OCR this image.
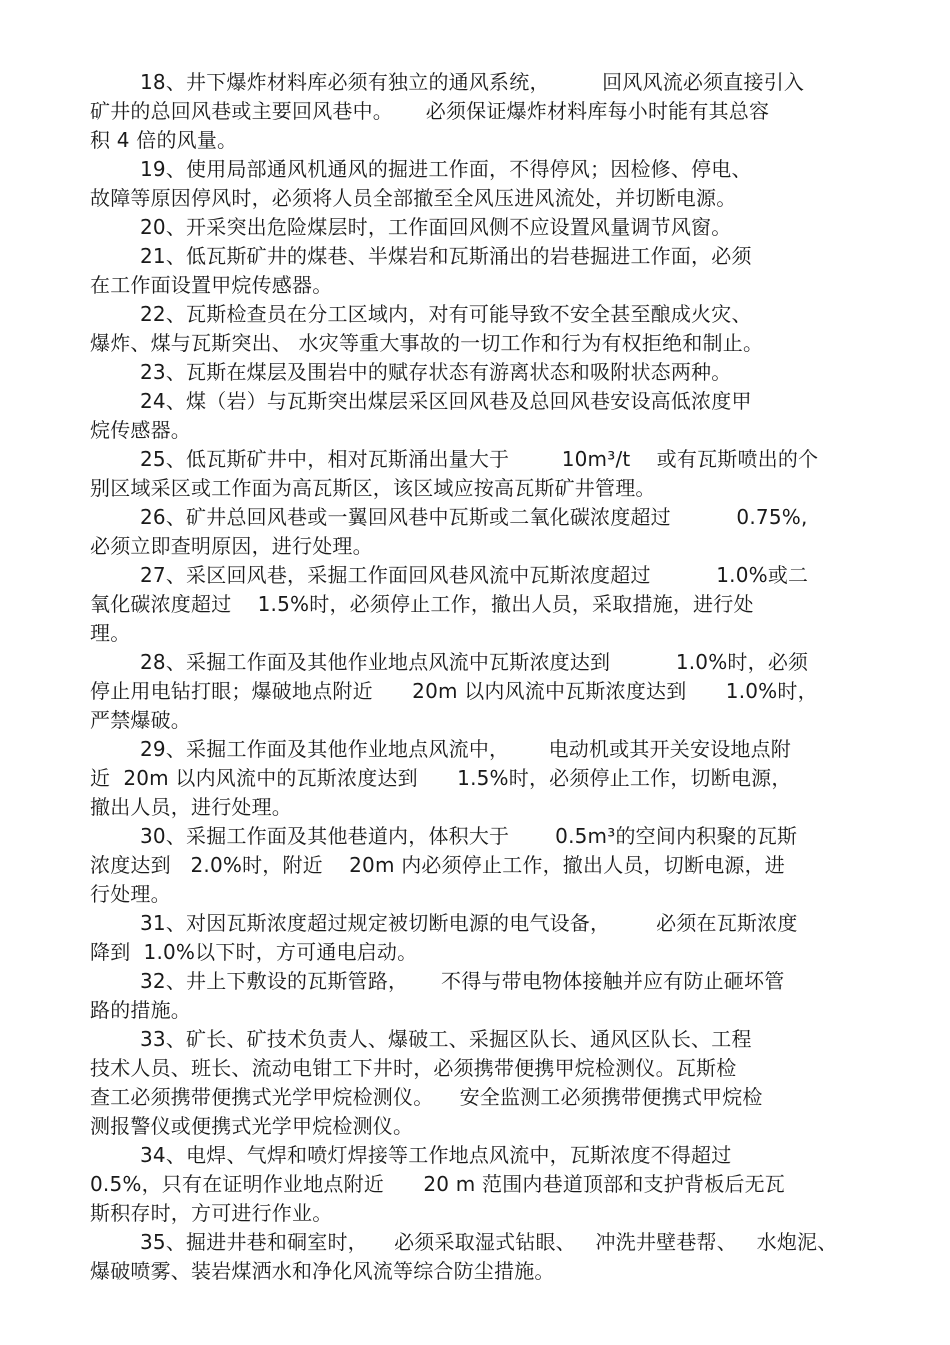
18、井下爆炸材料库必须有独立的通风系统，        回风风流必须直接引入
矿井的总回风巷或主要回风巷中。     必须保证爆炸材料库每小时能有其总容
积 4 倍的风量。
19、使用局部通风机通风的掘进工作面，不得停风；因检修、停电、
故障等原因停风时，必须将人员全部撤至全风压进风流处，并切断电源。
20、开采突出危险煤层时，工作面回风侧不应设置风量调节风窗。
21、低瓦斯矿井的煤巷、半煤岩和瓦斯涌出的岩巷掘进工作面，必须
在工作面设置甲烷传感器。
22、瓦斯检查员在分工区域内，对有可能导致不安全甚至酿成火灾、
爆炸、煤与瓦斯突出、 水灾等重大事故的一切工作和行为有权拒绝和制止。
23、瓦斯在煤层及围岩中的赋存状态有游离状态和吸附状态两种。
24、煤（岩）与瓦斯突出煤层采区回风巷及总回风巷安设高低浓度甲
烷传感器。
25、低瓦斯矿井中，相对瓦斯涌出量大于        10m³/t    或有瓦斯喷出的个
别区域采区或工作面为高瓦斯区，该区域应按高瓦斯矿井管理。
26、矿井总回风巷或一翼回风巷中瓦斯或二氧化碳浓度超过          0.75%,
必须立即查明原因，进行处理。
27、采区回风巷，采掘工作面回风巷风流中瓦斯浓度超过          1.0%或二
氧化碳浓度超过    1.5%时，必须停止工作，撤出人员，采取措施，进行处
理。
28、采掘工作面及其他作业地点风流中瓦斯浓度达到          1.0%时，必须
停止用电钻打眼；爆破地点附近      20m 以内风流中瓦斯浓度达到      1.0%时，
严禁爆破。
29、采掘工作面及其他作业地点风流中，      电动机或其开关安设地点附
近  20m 以内风流中的瓦斯浓度达到      1.5%时，必须停止工作，切断电源，
撤出人员，进行处理。
30、采掘工作面及其他巷道内，体积大于       0.5m³的空间内积聚的瓦斯
浓度达到   2.0%时，附近    20m 内必须停止工作，撤出人员，切断电源，进
行处理。
31、对因瓦斯浓度超过规定被切断电源的电气设备，       必须在瓦斯浓度
降到  1.0%以下时，方可通电启动。
32、井上下敷设的瓦斯管路，     不得与带电物体接触并应有防止砸坏管
路的措施。
33、矿长、矿技术负责人、爆破工、采掘区队长、通风区队长、工程
技术人员、班长、流动电钳工下井时，必须携带便携甲烷检测仪。瓦斯检
查工必须携带便携式光学甲烷检测仪。    安全监测工必须携带便携式甲烷检
测报警仪或便携式光学甲烷检测仪。
34、电焊、气焊和喷灯焊接等工作地点风流中，瓦斯浓度不得超过
0.5%，只有在证明作业地点附近      20 m 范围内巷道顶部和支护背板后无瓦
斯积存时，方可进行作业。
35、掘进井巷和硐室时，    必须采取湿式钻眼、   冲洗井壁巷帮、   水炮泥、
爆破喷雾、装岩煤洒水和净化风流等综合防尘措施。
